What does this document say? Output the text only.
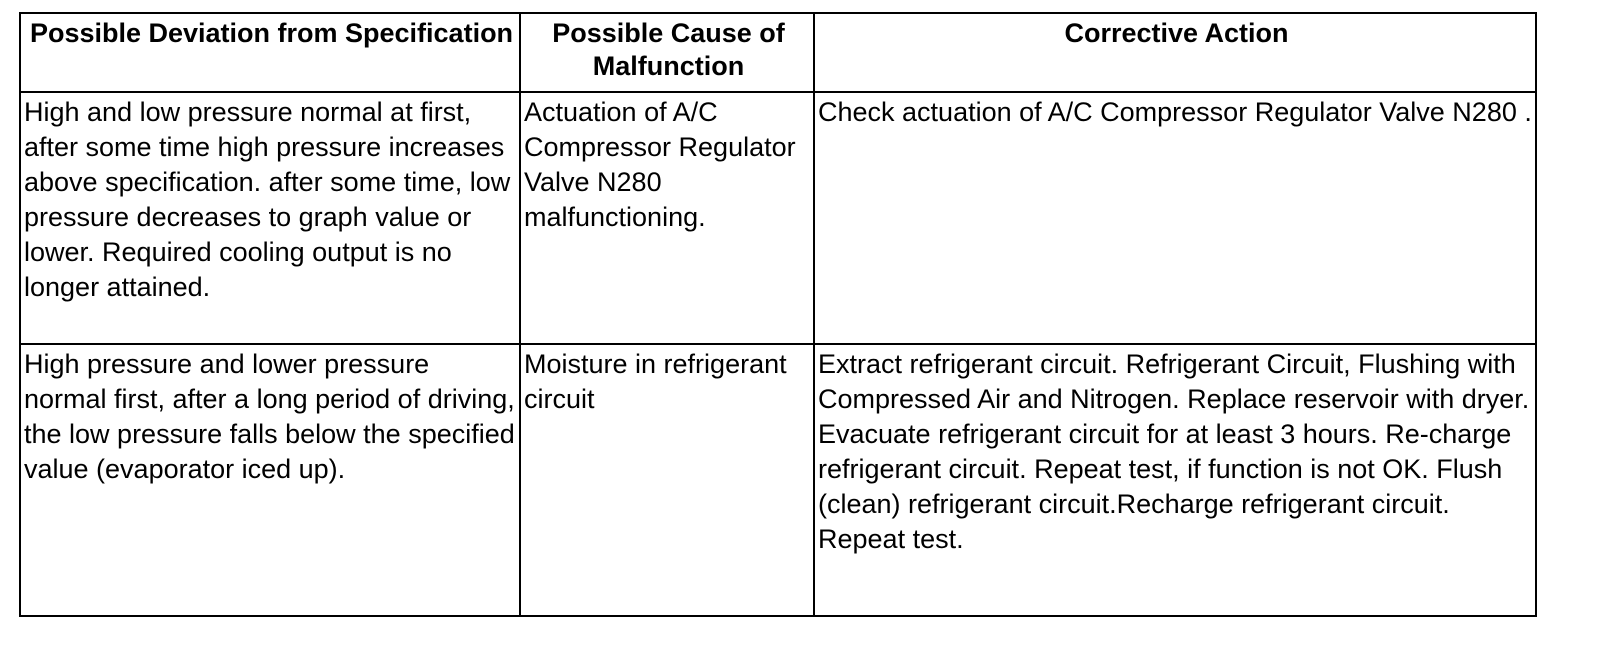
Possible Deviation from Specification	Possible Cause of Malfunction	Corrective Action
High and low pressure normal at first, after some time high pressure increases above specification. after some time, low pressure decreases to graph value or lower. Required cooling output is no longer attained.	Actuation of A/C Compressor Regulator Valve N280 malfunctioning.	Check actuation of A/C Compressor Regulator Valve N280 .
High pressure and lower pressure normal first, after a long period of driving, the low pressure falls below the specified value (evaporator iced up).	Moisture in refrigerant circuit	Extract refrigerant circuit. Refrigerant Circuit, Flushing with Compressed Air and Nitrogen. Replace reservoir with dryer. Evacuate refrigerant circuit for at least 3 hours. Re-charge refrigerant circuit. Repeat test, if function is not OK. Flush (clean) refrigerant circuit.Recharge refrigerant circuit. Repeat test.
